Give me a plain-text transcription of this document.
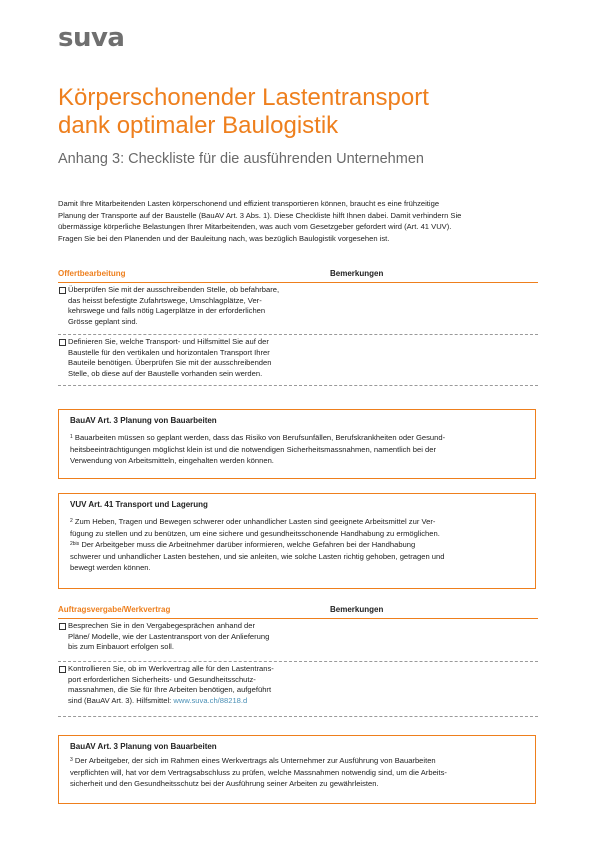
suva
Körperschonender Lastentransport
dank optimaler Baulogistik
Anhang 3: Checkliste für die ausführenden Unternehmen

Damit Ihre Mitarbeitenden Lasten körperschonend und effizient transportieren können, braucht es eine frühzeitige
Planung der Transporte auf der Baustelle (BauAV Art. 3 Abs. 1). Diese Checkliste hilft Ihnen dabei. Damit verhindern Sie
übermässige körperliche Belastungen Ihrer Mitarbeitenden, was auch vom Gesetzgeber gefordert wird (Art. 41 VUV).
Fragen Sie bei den Planenden und der Bauleitung nach, was bezüglich Baulogistik vorgesehen ist.

Offertbearbeitung	Bemerkungen
Überprüfen Sie mit der ausschreibenden Stelle, ob befahrbare,
das heisst befestigte Zufahrtswege, Umschlagplätze, Ver-
kehrswege und falls nötig Lagerplätze in der erforderlichen
Grösse geplant sind.
Definieren Sie, welche Transport- und Hilfsmittel Sie auf der
Baustelle für den vertikalen und horizontalen Transport Ihrer
Bauteile benötigen. Überprüfen Sie mit der ausschreibenden
Stelle, ob diese auf der Baustelle vorhanden sein werden.
BauAV Art. 3 Planung von Bauarbeiten
$^1$ Bauarbeiten müssen so geplant werden, dass das Risiko von Berufsunfällen, Berufskrankheiten oder Gesund-
heitsbeeinträchtigungen möglichst klein ist und die notwendigen Sicherheitsmassnahmen, namentlich bei der
Verwendung von Arbeitsmitteln, eingehalten werden können.
VUV Art. 41 Transport und Lagerung
$^2$ Zum Heben, Tragen und Bewegen schwerer oder unhandlicher Lasten sind geeignete Arbeitsmittel zur Ver-
fügung zu stellen und zu benützen, um eine sichere und gesundheitsschonende Handhabung zu ermöglichen.
$^{2bis}$ Der Arbeitgeber muss die Arbeitnehmer darüber informieren, welche Gefahren bei der Handhabung
schwerer und unhandlicher Lasten bestehen, und sie anleiten, wie solche Lasten richtig gehoben, getragen und
bewegt werden können.
Auftragsvergabe/Werkvertrag	Bemerkungen
Besprechen Sie in den Vergabegesprächen anhand der
Pläne/ Modelle, wie der Lastentransport von der Anlieferung
bis zum Einbauort erfolgen soll.
Kontrollieren Sie, ob im Werkvertrag alle für den Lastentrans-
port erforderlichen Sicherheits- und Gesundheitsschutz-
massnahmen, die Sie für Ihre Arbeiten benötigen, aufgeführt
sind (BauAV Art. 3). Hilfsmittel: www.suva.ch/88218.d
BauAV Art. 3 Planung von Bauarbeiten
$^3$ Der Arbeitgeber, der sich im Rahmen eines Werkvertrags als Unternehmer zur Ausführung von Bauarbeiten
verpflichten will, hat vor dem Vertragsabschluss zu prüfen, welche Massnahmen notwendig sind, um die Arbeits-
sicherheit und den Gesundheitsschutz bei der Ausführung seiner Arbeiten zu gewährleisten.
